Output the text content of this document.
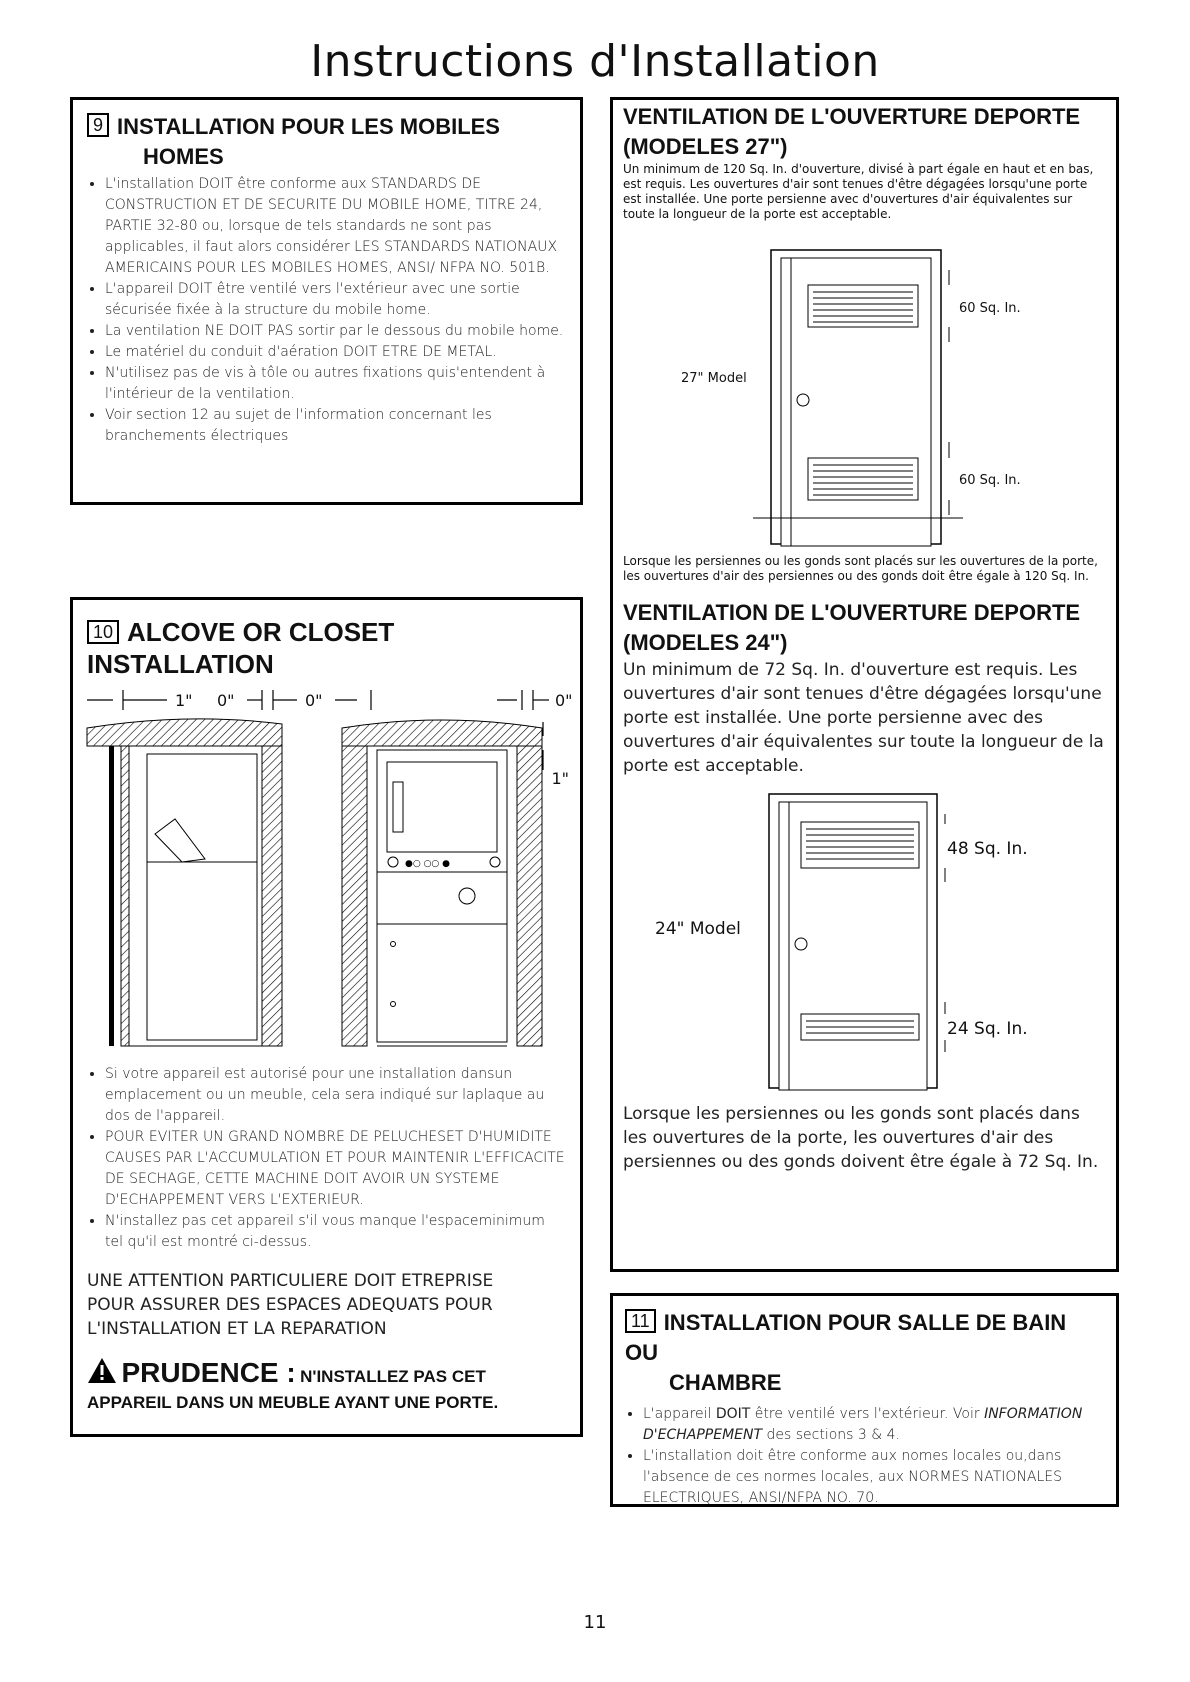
Instructions d'Installation
9 INSTALLATION POUR LES MOBILES
HOMES
• L'installation DOIT être conforme aux STANDARDS DE CONSTRUCTION ET DE SECURITE DU MOBILE HOME, TITRE 24, PARTIE 32-80 ou, lorsque de tels standards ne sont pas applicables, il faut alors considérer LES STANDARDS NATIONAUX AMERICAINS POUR LES MOBILES HOMES, ANSI/ NFPA NO. 501B.
• L'appareil DOIT être ventilé vers l'extérieur avec une sortie sécurisée fixée à la structure du mobile home.
• La ventilation NE DOIT PAS sortir par le dessous du mobile home.
• Le matériel du conduit d'aération DOIT ETRE DE METAL.
• N'utilisez pas de vis à tôle ou autres fixations quis'entendent à l'intérieur de la ventilation.
• Voir section 12 au sujet de l'information concernant les branchements électriques
10 ALCOVE OR CLOSET INSTALLATION
1" 0"	0"	0"
1"
●○ ○○ ●
• Si votre appareil est autorisé pour une installation dansun emplacement ou un meuble, cela sera indiqué sur laplaque au dos de l'appareil.
• POUR EVITER UN GRAND NOMBRE DE PELUCHESET D'HUMIDITE CAUSES PAR L'ACCUMULATION ET POUR MAINTENIR L'EFFICACITE DE SECHAGE, CETTE MACHINE DOIT AVOIR UN SYSTEME D'ECHAPPEMENT VERS L'EXTERIEUR.
• N'installez pas cet appareil s'il vous manque l'espaceminimum tel qu'il est montré ci-dessus.
UNE ATTENTION PARTICULIERE DOIT ETREPRISE POUR ASSURER DES ESPACES ADEQUATS POUR L'INSTALLATION ET LA REPARATION
PRUDENCE : N'INSTALLEZ PAS CET
APPAREIL DANS UN MEUBLE AYANT UNE PORTE.
VENTILATION DE L'OUVERTURE DEPORTE
(MODELES 27")
Un minimum de 120 Sq. In. d'ouverture, divisé à part égale en haut et en bas, est requis. Les ouvertures d'air sont tenues d'être dégagées lorsqu'une porte est installée. Une porte persienne avec d'ouvertures d'air équivalentes sur toute la longueur de la porte est acceptable.
27" Model
60 Sq. In.
60 Sq. In.
Lorsque les persiennes ou les gonds sont placés sur les ouvertures de la porte, les ouvertures d'air des persiennes ou des gonds doit être égale à 120 Sq. In.
VENTILATION DE L'OUVERTURE DEPORTE
(MODELES 24")
Un minimum de 72 Sq. In. d'ouverture est requis. Les ouvertures d'air sont tenues d'être dégagées lorsqu'une porte est installée. Une porte persienne avec des ouvertures d'air équivalentes sur toute la longueur de la porte est acceptable.
24" Model
48 Sq. In.
24 Sq. In.
Lorsque les persiennes ou les gonds sont placés dans les ouvertures de la porte, les ouvertures d'air des persiennes ou des gonds doivent être égale à 72 Sq. In.
11 INSTALLATION POUR SALLE DE BAIN OU
CHAMBRE
• L'appareil DOIT être ventilé vers l'extérieur. Voir INFORMATION D'ECHAPPEMENT des sections 3 & 4.
• L'installation doit être conforme aux nomes locales ou,dans l'absence de ces normes locales, aux NORMES NATIONALES ELECTRIQUES, ANSI/NFPA NO. 70.
11
